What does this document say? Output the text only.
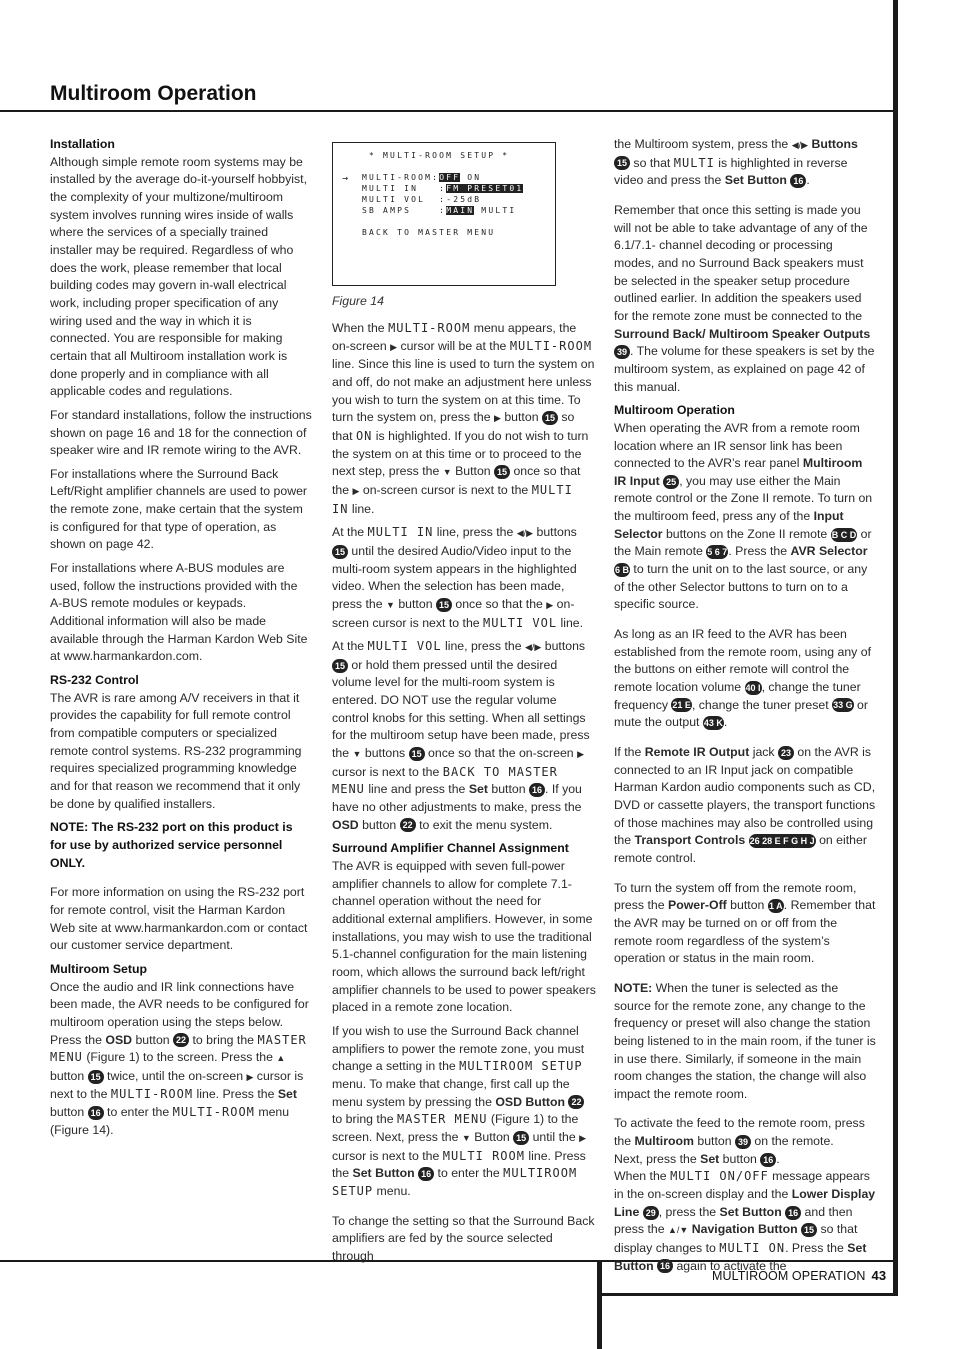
Multiroom Operation
Installation

Although simple remote room systems may be installed by the average do-it-yourself hobbyist, the complexity of your multizone/multiroom system involves running wires inside of walls where the services of a specially trained installer may be required. Regardless of who does the work, please remember that local building codes may govern in-wall electrical work, including proper specification of any wiring used and the way in which it is connected. You are responsible for making certain that all Multiroom installation work is done properly and in compliance with all applicable codes and regulations.

For standard installations, follow the instructions shown on page 16 and 18 for the connection of speaker wire and IR remote wiring to the AVR.

For installations where the Surround Back Left/Right amplifier channels are used to power the remote zone, make certain that the system is configured for that type of operation, as shown on page 42.

For installations where A-BUS modules are used, follow the instructions provided with the A-BUS remote modules or keypads.

Additional information will also be made available through the Harman Kardon Web Site at www.harmankardon.com.

RS-232 Control

The AVR is rare among A/V receivers in that it provides the capability for full remote control from compatible computers or specialized remote control systems. RS-232 programming requires specialized programming knowledge and for that reason we recommend that it only be done by qualified installers.

NOTE: The RS-232 port on this product is for use by authorized service personnel ONLY.

For more information on using the RS-232 port for remote control, visit the Harman Kardon Web site at www.harmankardon.com or contact our customer service department.

Multiroom Setup

Once the audio and IR link connections have been made, the AVR needs to be configured for multiroom operation using the steps below. Press the OSD button 22 to bring the MASTER MENU (Figure 1) to the screen. Press the ▲ button 15 twice, until the on-screen ▶ cursor is next to the MULTI-ROOM line. Press the Set button 16 to enter the MULTI-ROOM menu (Figure 14).

* MULTI-ROOM SETUP *
→ MULTI-ROOM:OFF ON
MULTI IN   :FM PRESET01
MULTI VOL  :-25dB
SB AMPS    :MAIN MULTI
BACK TO MASTER MENU
Figure 14

When the MULTI-ROOM menu appears, the on-screen ▶ cursor will be at the MULTI-ROOM line. Since this line is used to turn the system on and off, do not make an adjustment here unless you wish to turn the system on at this time. To turn the system on, press the ▶ button 15 so that ON is highlighted. If you do not wish to turn the system on at this time or to proceed to the next step, press the ▼ Button 15 once so that the ▶ on-screen cursor is next to the MULTI IN line.

At the MULTI IN line, press the ◀/▶ buttons 15 until the desired Audio/Video input to the multi-room system appears in the highlighted video. When the selection has been made, press the ▼ button 15 once so that the ▶ on-screen cursor is next to the MULTI VOL line.

At the MULTI VOL line, press the ◀/▶ buttons 15 or hold them pressed until the desired volume level for the multi-room system is entered. DO NOT use the regular volume control knobs for this setting. When all settings for the multiroom setup have been made, press the ▼ buttons 15 once so that the on-screen ▶ cursor is next to the BACK TO MASTER MENU line and press the Set button 16 . If you have no other adjustments to make, press the OSD button 22 to exit the menu system.

Surround Amplifier Channel Assignment

The AVR is equipped with seven full-power amplifier channels to allow for complete 7.1-channel operation without the need for additional external amplifiers. However, in some installations, you may wish to use the traditional 5.1-channel configuration for the main listening room, which allows the surround back left/right amplifier channels to be used to power speakers placed in a remote zone location.

If you wish to use the Surround Back channel amplifiers to power the remote zone, you must change a setting in the MULTIROOM SETUP menu. To make that change, first call up the menu system by pressing the OSD Button 22 to bring the MASTER MENU (Figure 1) to the screen. Next, press the ▼ Button 15 until the ▶ cursor is next to the MULTI ROOM line. Press the Set Button 16 to enter the MULTIROOM SETUP menu.

To change the setting so that the Surround Back amplifiers are fed by the source selected through

the Multiroom system, press the ◀/▶ Buttons 15 so that MULTI is highlighted in reverse video and press the Set Button 16 .

Remember that once this setting is made you will not be able to take advantage of any of the 6.1/7.1- channel decoding or processing modes, and no Surround Back speakers must be selected in the speaker setup procedure outlined earlier. In addition the speakers used for the remote zone must be connected to the Surround Back/ Multiroom Speaker Outputs 39 . The volume for these speakers is set by the multiroom system, as explained on page 42 of this manual.

Multiroom Operation

When operating the AVR from a remote room location where an IR sensor link has been connected to the AVR’s rear panel Multiroom IR Input 25 , you may use either the Main remote control or the Zone II remote. To turn on the multiroom feed, press any of the Input Selector buttons on the Zone II remote B C D or the Main remote 5 6 7. Press the AVR Selector 6 B to turn the unit on to the last source, or any of the other Selector buttons to turn on to a specific source.

As long as an IR feed to the AVR has been established from the remote room, using any of the buttons on either remote will control the remote location volume 40 I, change the tuner frequency 21 E, change the tuner preset 33 G or mute the output 43 K.

If the Remote IR Output jack 23 on the AVR is connected to an IR Input jack on compatible Harman Kardon audio components such as CD, DVD or cassette players, the transport functions of those machines may also be controlled using the Transport Controls 26 28 E F G H J on either remote control.

To turn the system off from the remote room, press the Power-Off button 1 A. Remember that the AVR may be turned on or off from the remote room regardless of the system’s operation or status in the main room.

NOTE: When the tuner is selected as the source for the remote zone, any change to the frequency or preset will also change the station being listened to in the main room, if the tuner is in use there. Similarly, if someone in the main room changes the station, the change will also impact the remote room.

To activate the feed to the remote room, press the Multiroom button 39 on the remote.
Next, press the Set button 16 .
When the MULTI ON/OFF message appears in the on-screen display and the Lower Display Line 29 , press the Set Button 16 and then press the ▲/▼ Navigation Button 15 so that display changes to MULTI ON. Press the Set Button 16 again to activate the

MULTIROOM OPERATION 43
